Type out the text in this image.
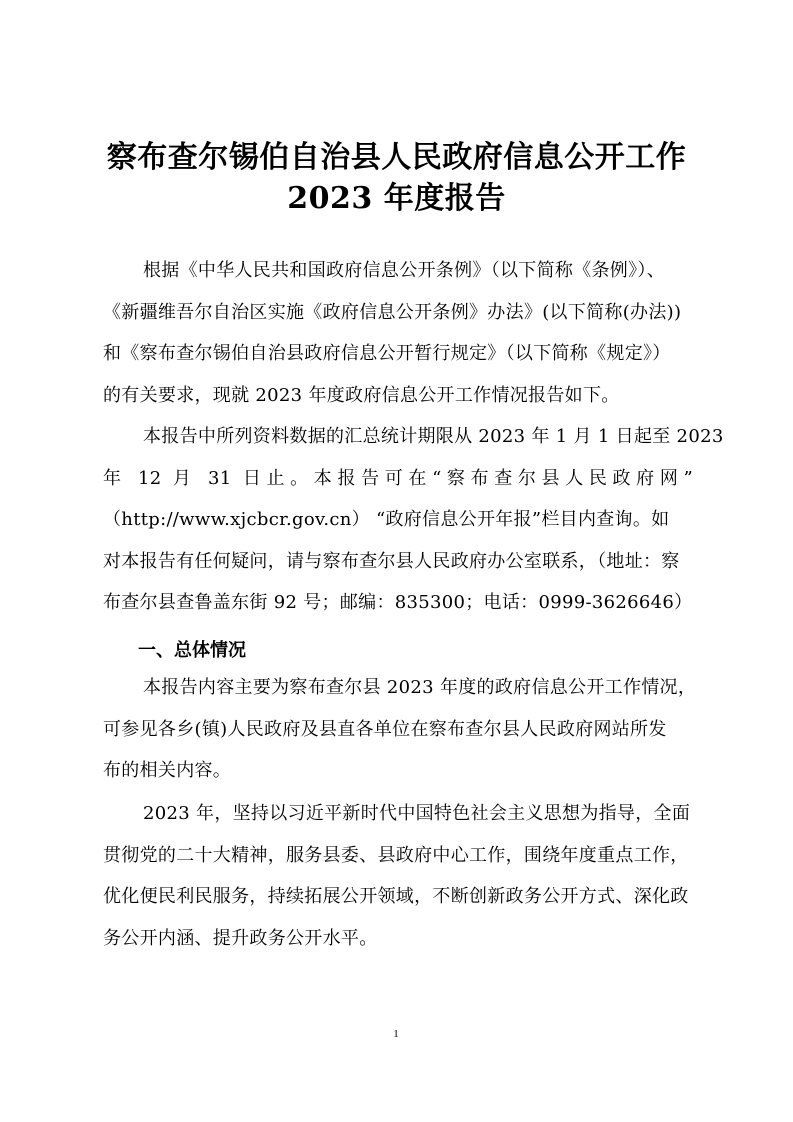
察布查尔锡伯自治县人民政府信息公开工作
2023 年度报告
根据《中华人民共和国政府信息公开条例》（以下简称《条例》）、
《新疆维吾尔自治区实施《政府信息公开条例》办法》(以下简称(办法))
和《察布查尔锡伯自治县政府信息公开暂行规定》（以下简称《规定》）
的有关要求，现就 2023 年度政府信息公开工作情况报告如下。
本报告中所列资料数据的汇总统计期限从 2023 年 1 月 1 日起至 2023
年 12 月 31 日止。本报告可在“察布查尔县人民政府网”
（http://www.xjcbcr.gov.cn） “政府信息公开年报”栏目内查询。如
对本报告有任何疑问，请与察布查尔县人民政府办公室联系，（地址：察
布查尔县查鲁盖东街 92 号；邮编：835300；电话：0999-3626646）
一、总体情况
本报告内容主要为察布查尔县 2023 年度的政府信息公开工作情况，
可参见各乡(镇)人民政府及县直各单位在察布查尔县人民政府网站所发
布的相关内容。
2023 年，坚持以习近平新时代中国特色社会主义思想为指导，全面
贯彻党的二十大精神，服务县委、县政府中心工作，围绕年度重点工作，
优化便民利民服务，持续拓展公开领域，不断创新政务公开方式、深化政
务公开内涵、提升政务公开水平。
1
